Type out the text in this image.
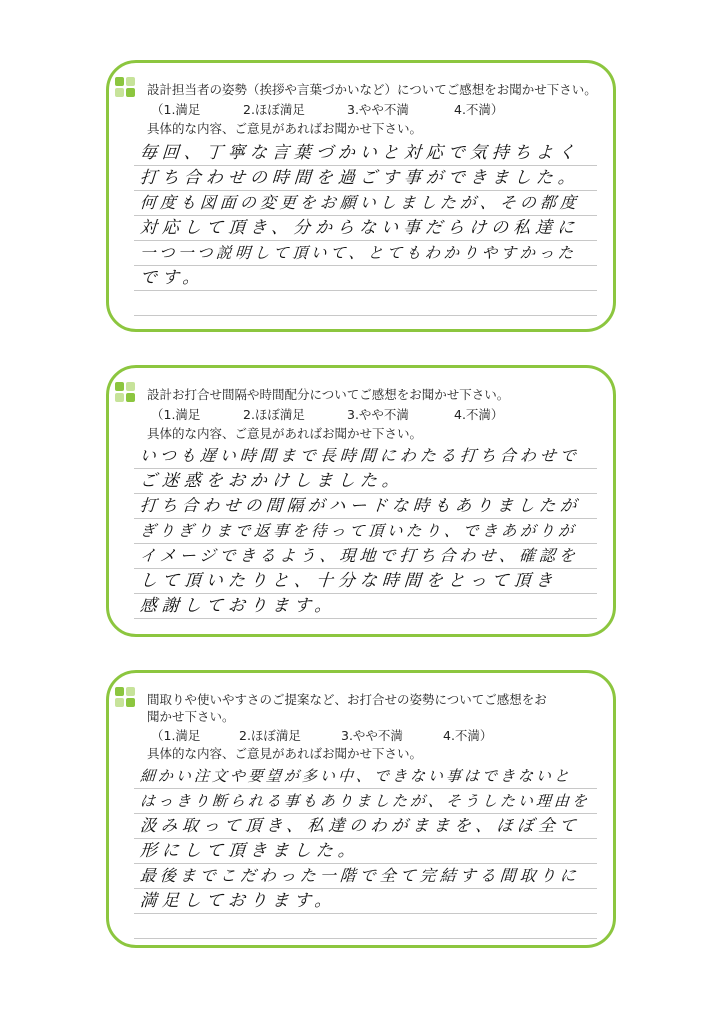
設計担当者の姿勢（挨拶や言葉づかいなど）についてご感想をお聞かせ下さい。
（1.満足	2.ほぼ満足	3.やや不満	4.不満）
具体的な内容、ご意見があればお聞かせ下さい。
毎回、丁寧な言葉づかいと対応で気持ちよく
打ち合わせの時間を過ごす事ができました。
何度も図面の変更をお願いしましたが、その都度
対応して頂き、分からない事だらけの私達に
一つ一つ説明して頂いて、とてもわかりやすかった
です。
設計お打合せ間隔や時間配分についてご感想をお聞かせ下さい。
（1.満足	2.ほぼ満足	3.やや不満	4.不満）
具体的な内容、ご意見があればお聞かせ下さい。
いつも遅い時間まで長時間にわたる打ち合わせで
ご迷惑をおかけしました。
打ち合わせの間隔がハードな時もありましたが
ぎりぎりまで返事を待って頂いたり、できあがりが
イメージできるよう、現地で打ち合わせ、確認を
して頂いたりと、十分な時間をとって頂き
感謝しております。
間取りや使いやすさのご提案など、お打合せの姿勢についてご感想をお
聞かせ下さい。
（1.満足	2.ほぼ満足	3.やや不満	4.不満）
具体的な内容、ご意見があればお聞かせ下さい。
細かい注文や要望が多い中、できない事はできないと
はっきり断られる事もありましたが、そうしたい理由を
汲み取って頂き、私達のわがままを、ほぼ全て
形にして頂きました。
最後までこだわった一階で全て完結する間取りに
満足しております。
